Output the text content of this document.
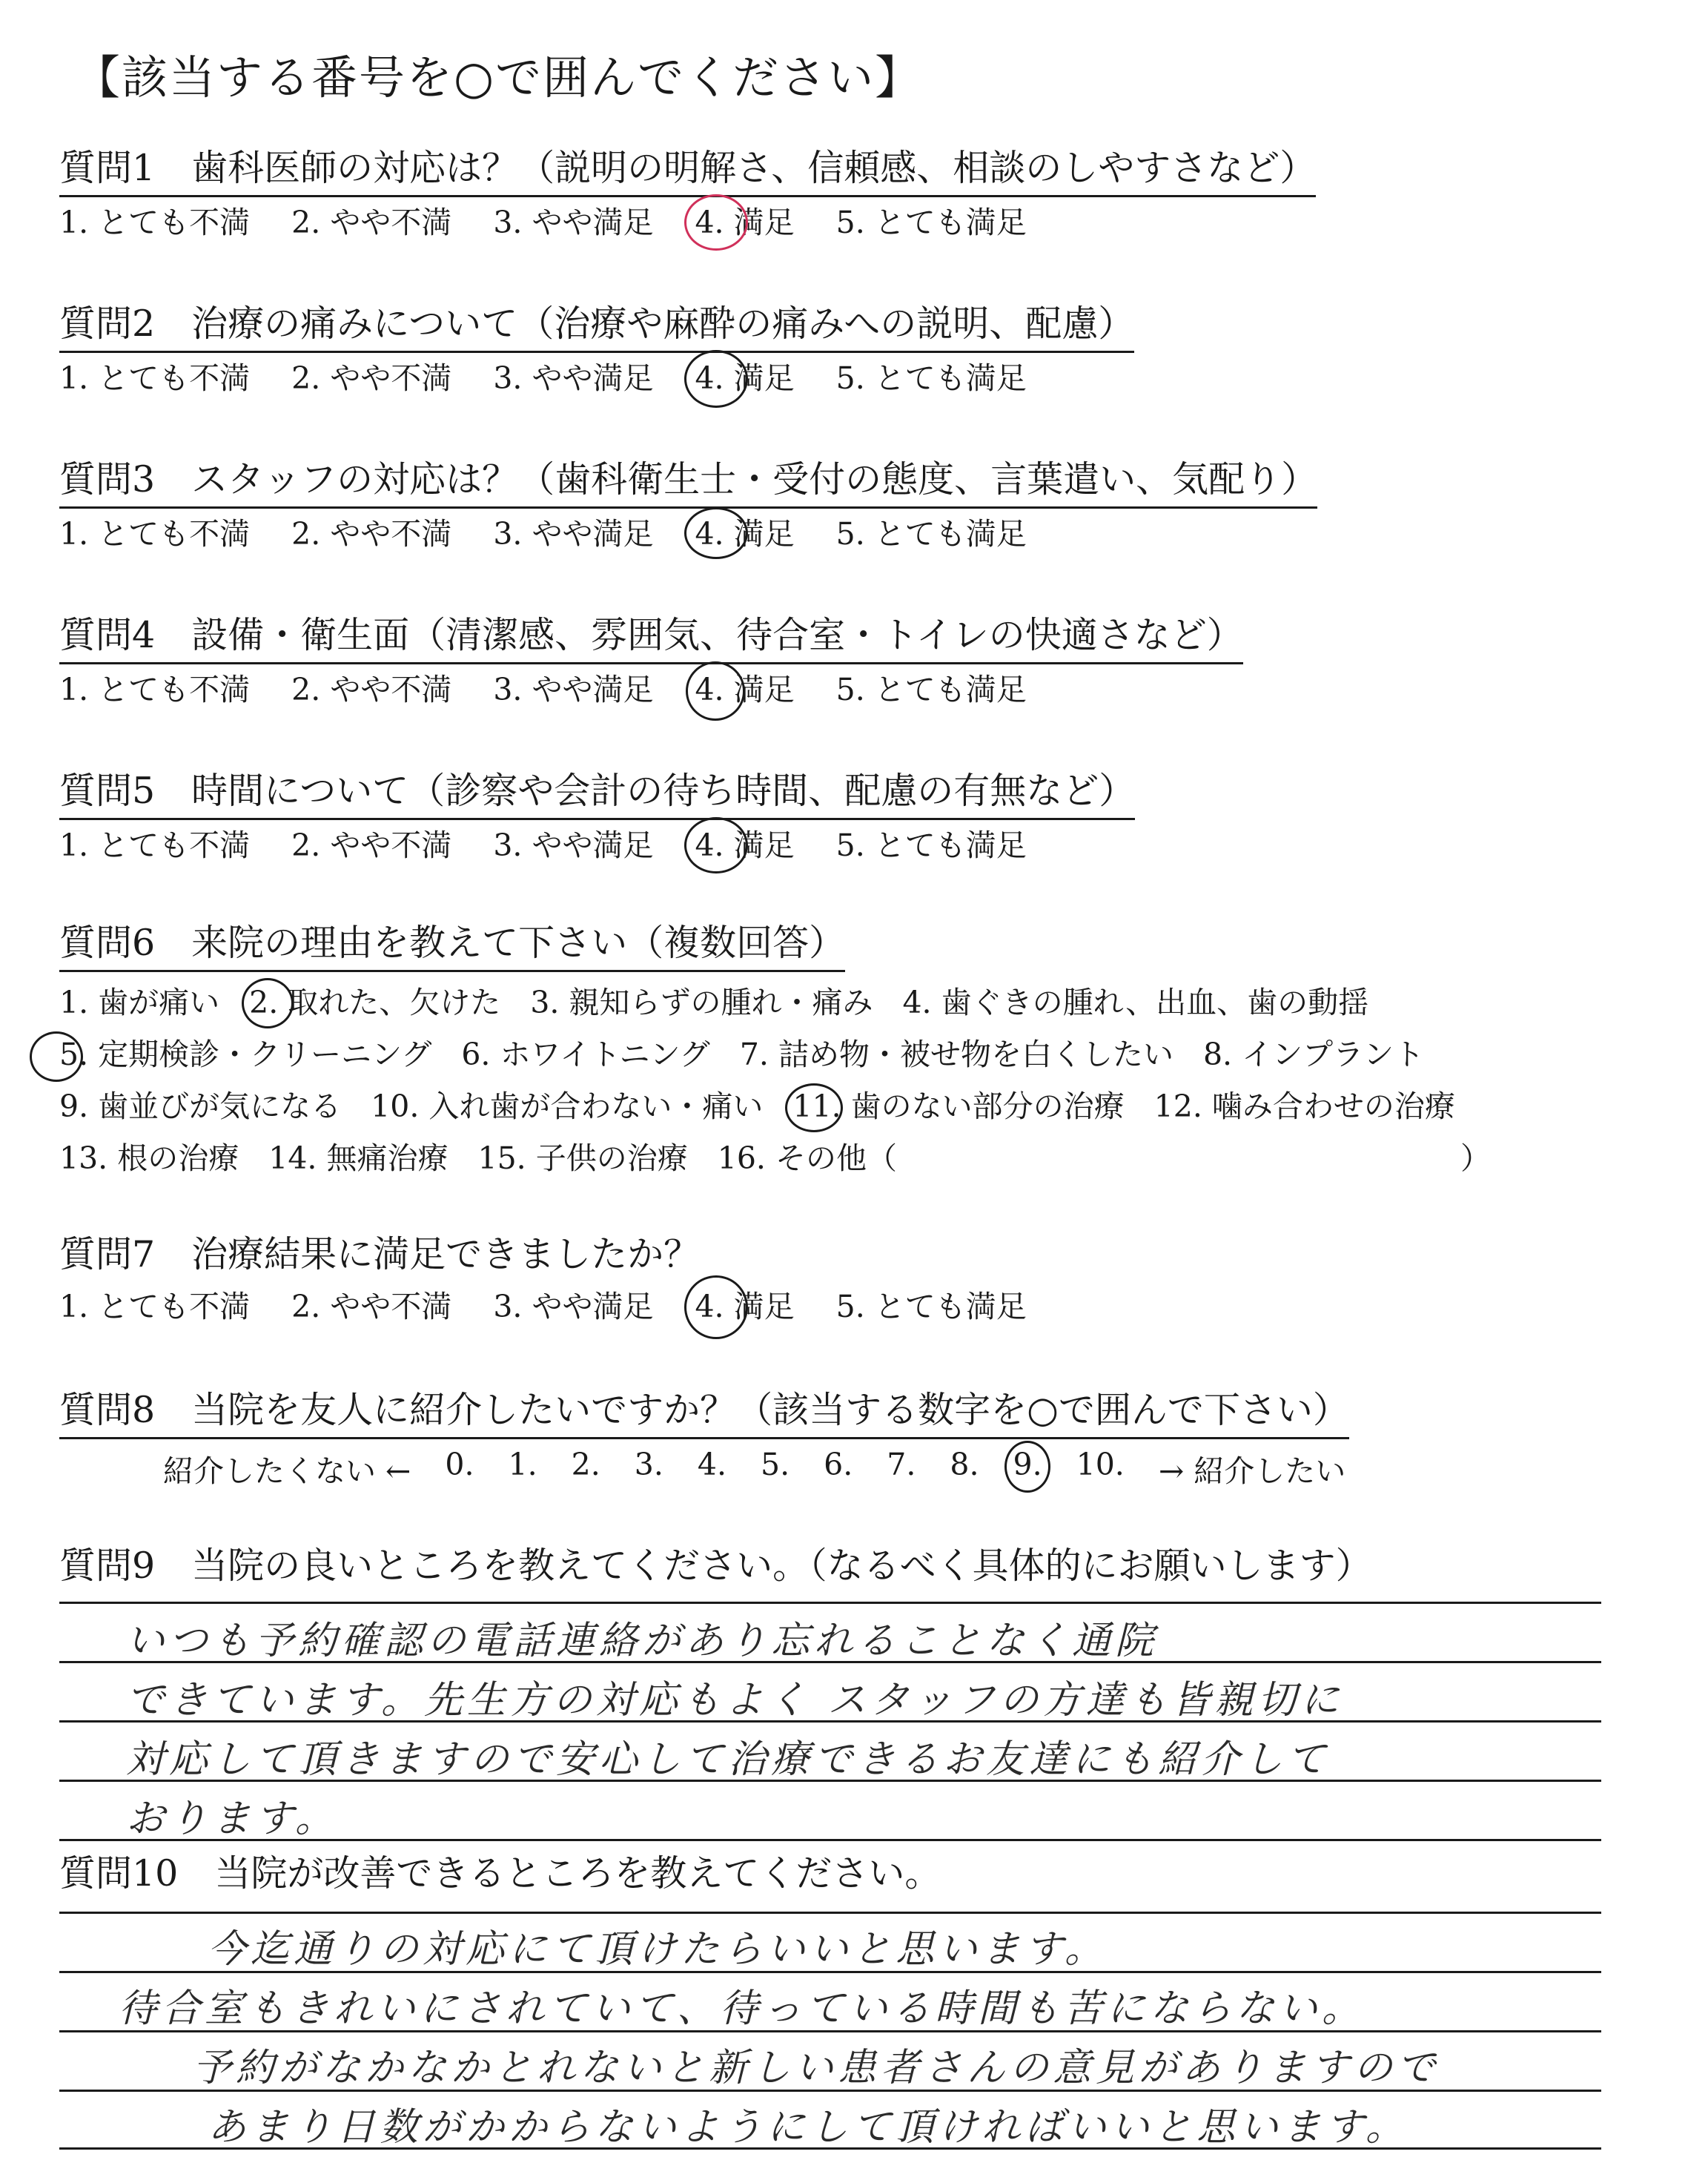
【該当する番号を○で囲んでください】
質問1　歯科医師の対応は？（説明の明解さ、信頼感、相談のしやすさなど）
1. とても不満 2. やや不満 3. やや満足 4. 満足 5. とても満足
質問2　治療の痛みについて（治療や麻酔の痛みへの説明、配慮）
1. とても不満 2. やや不満 3. やや満足 4. 満足 5. とても満足
質問3　スタッフの対応は？（歯科衛生士・受付の態度、言葉遣い、気配り）
1. とても不満 2. やや不満 3. やや満足 4. 満足 5. とても満足
質問4　設備・衛生面（清潔感、雰囲気、待合室・トイレの快適さなど）
1. とても不満 2. やや不満 3. やや満足 4. 満足 5. とても満足
質問5　時間について（診察や会計の待ち時間、配慮の有無など）
1. とても不満 2. やや不満 3. やや満足 4. 満足 5. とても満足
質問6　来院の理由を教えて下さい（複数回答）
1. 歯が痛い 2. 取れた、欠けた 3. 親知らずの腫れ・痛み 4. 歯ぐきの腫れ、出血、歯の動揺
5. 定期検診・クリーニング 6. ホワイトニング 7. 詰め物・被せ物を白くしたい 8. インプラント
9. 歯並びが気になる 10. 入れ歯が合わない・痛い 11. 歯のない部分の治療 12. 噛み合わせの治療
13. 根の治療 14. 無痛治療 15. 子供の治療 16. その他（	）
質問7　治療結果に満足できましたか？
1. とても不満 2. やや不満 3. やや満足 4. 満足 5. とても満足
質問8　当院を友人に紹介したいですか？（該当する数字を○で囲んで下さい）
紹介したくない ← 0. 1. 2. 3. 4. 5. 6. 7. 8. 9. 10. → 紹介したい
質問9　当院の良いところを教えてください。（なるべく具体的にお願いします）
いつも予約確認の電話連絡があり忘れることなく通院
できています。先生方の対応もよく スタッフの方達も皆親切に
対応して頂きますので安心して治療できるお友達にも紹介して
おります。
質問10　当院が改善できるところを教えてください。
今迄通りの対応にて頂けたらいいと思います。
待合室もきれいにされていて、待っている時間も苦にならない。
予約がなかなかとれないと新しい患者さんの意見がありますので
あまり日数がかからないようにして頂ければいいと思います。
